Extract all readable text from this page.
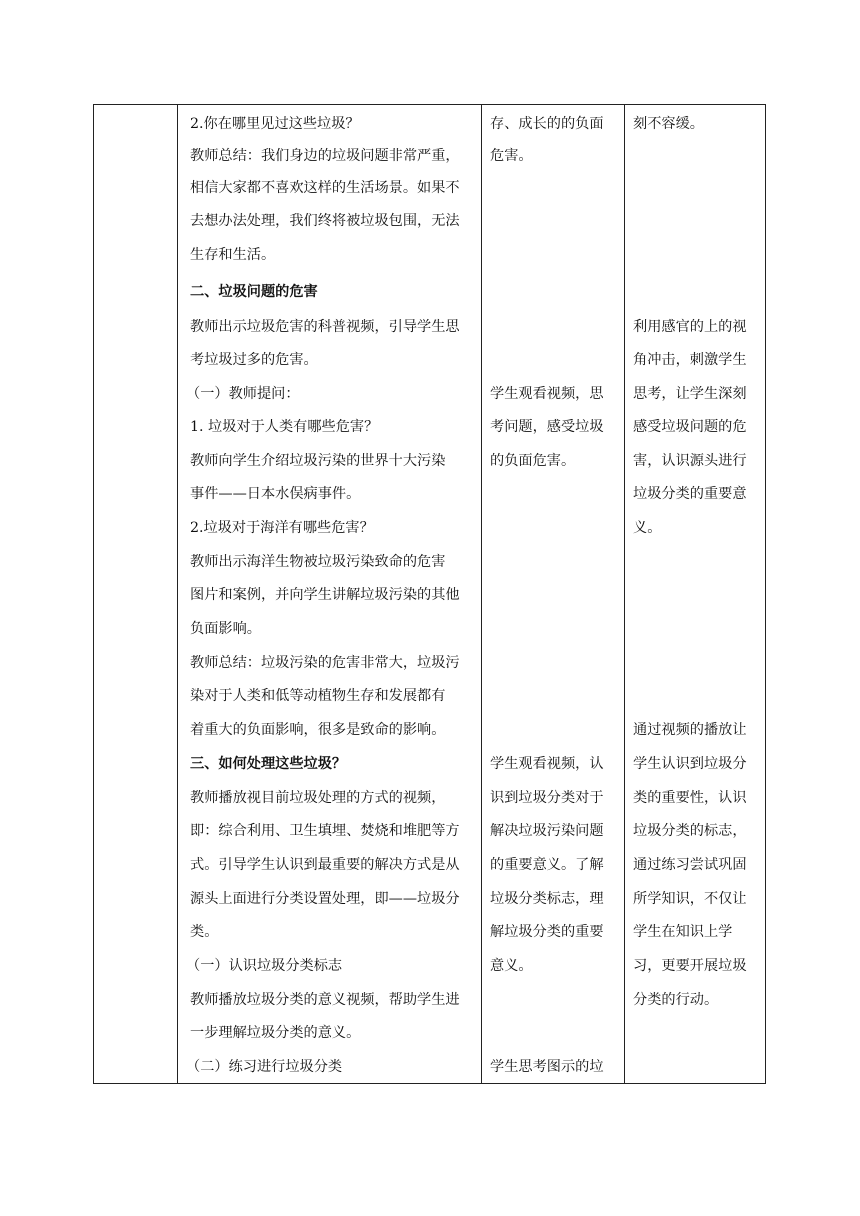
2.你在哪里见过这些垃圾？
教师总结：我们身边的垃圾问题非常严重，
相信大家都不喜欢这样的生活场景。如果不
去想办法处理，我们终将被垃圾包围，无法
生存和生活。
二、垃圾问题的危害
教师出示垃圾危害的科普视频，引导学生思
考垃圾过多的危害。
（一）教师提问：
1. 垃圾对于人类有哪些危害？
教师向学生介绍垃圾污染的世界十大污染
事件——日本水俣病事件。
2.垃圾对于海洋有哪些危害？
教师出示海洋生物被垃圾污染致命的危害
图片和案例，并向学生讲解垃圾污染的其他
负面影响。
教师总结：垃圾污染的危害非常大，垃圾污
染对于人类和低等动植物生存和发展都有
着重大的负面影响，很多是致命的影响。
三、如何处理这些垃圾？
教师播放视目前垃圾处理的方式的视频，
即：综合利用、卫生填埋、焚烧和堆肥等方
式。引导学生认识到最重要的解决方式是从
源头上面进行分类设置处理，即——垃圾分
类。
（一）认识垃圾分类标志
教师播放垃圾分类的意义视频，帮助学生进
一步理解垃圾分类的意义。
（二）练习进行垃圾分类
存、成长的的负面
危害。
学生观看视频，思
考问题，感受垃圾
的负面危害。
学生观看视频，认
识到垃圾分类对于
解决垃圾污染问题
的重要意义。了解
垃圾分类标志，理
解垃圾分类的重要
意义。
学生思考图示的垃
刻不容缓。
利用感官的上的视
角冲击，刺激学生
思考，让学生深刻
感受垃圾问题的危
害，认识源头进行
垃圾分类的重要意
义。
通过视频的播放让
学生认识到垃圾分
类的重要性，认识
垃圾分类的标志，
通过练习尝试巩固
所学知识，不仅让
学生在知识上学
习，更要开展垃圾
分类的行动。
